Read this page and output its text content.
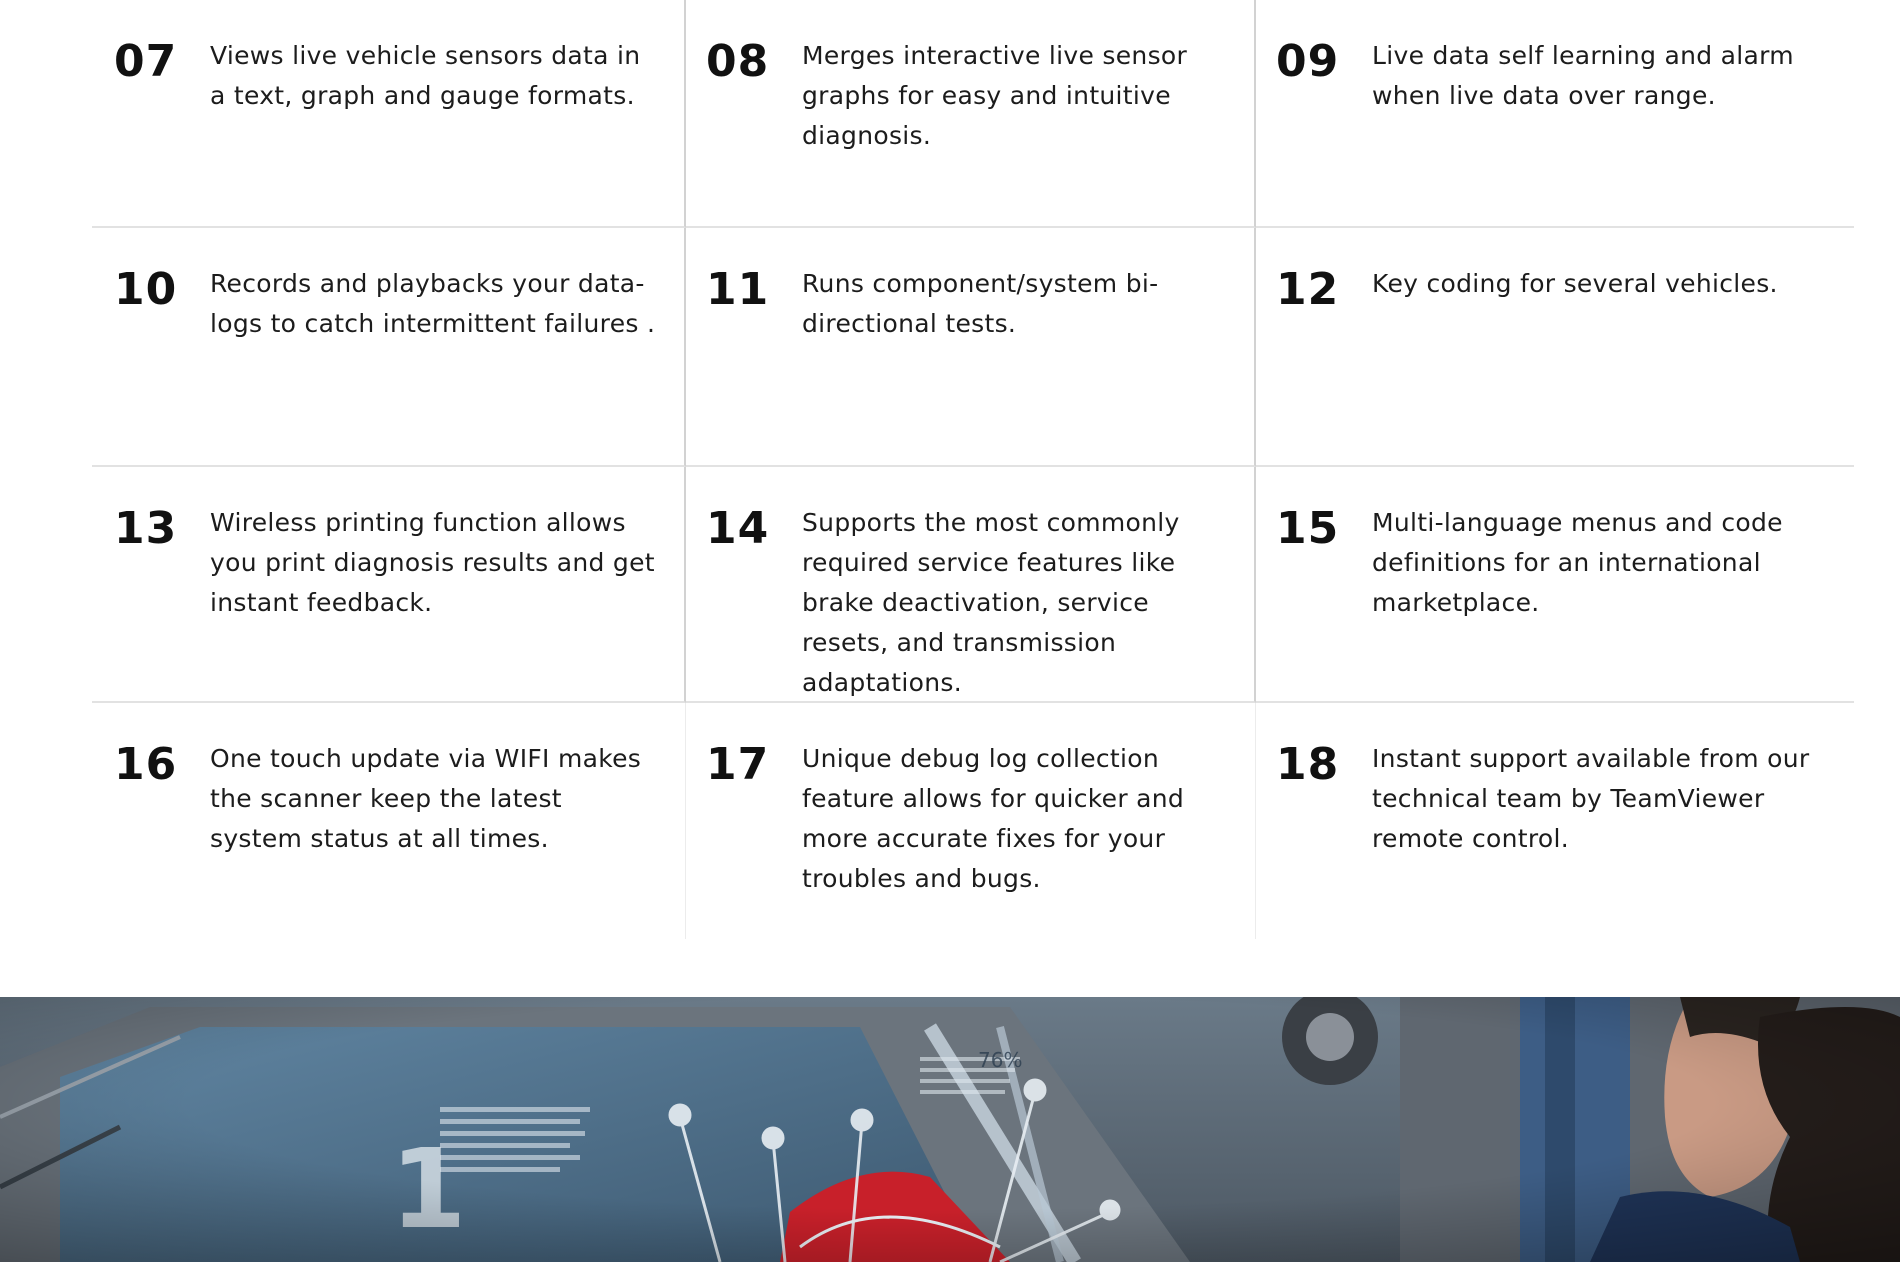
07 Views live vehicle sensors data in a text, graph and gauge formats.
08 Merges interactive live sensor graphs for easy and intuitive diagnosis.
09 Live data self learning and alarm when live data over range.
10 Records and playbacks your data-logs to catch intermittent failures .
11 Runs component/system bi-directional tests.
12 Key coding for several vehicles.
13 Wireless printing function allows you print diagnosis results and get instant feedback.
14 Supports the most commonly required service features like brake deactivation, service resets, and transmission adaptations.
15 Multi-language menus and code definitions for an international marketplace.
16 One touch update via WIFI makes the scanner keep the latest system status at all times.
17 Unique debug log collection feature allows for quicker and more accurate fixes for your troubles and bugs.
18 Instant support available from our technical team by TeamViewer remote control.
